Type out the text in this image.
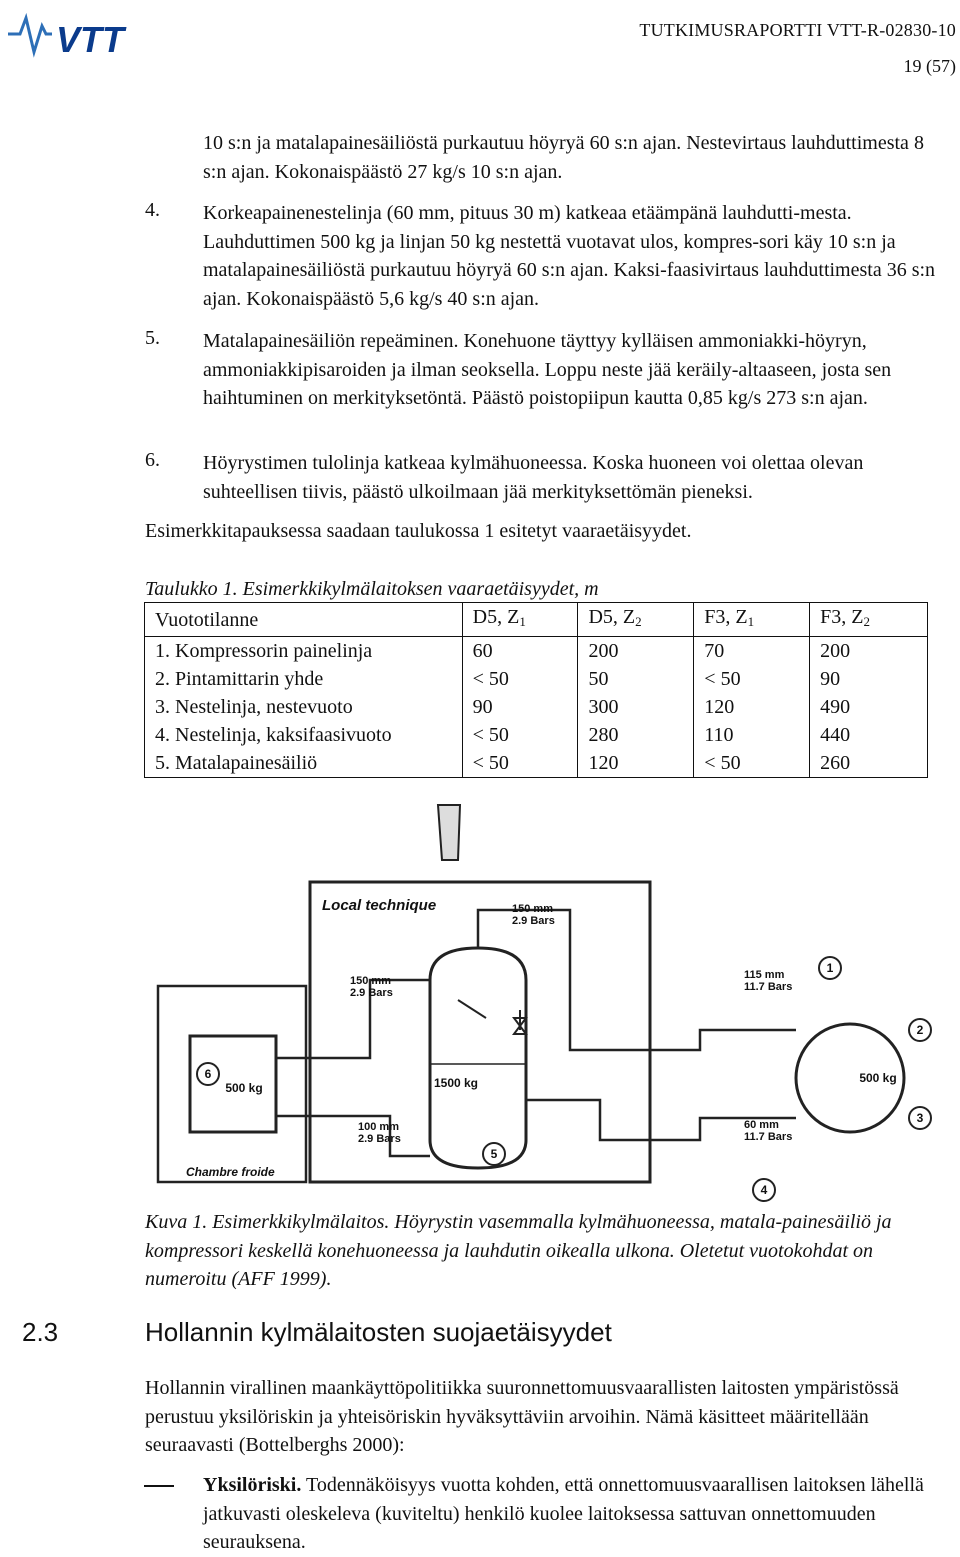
VTT	TUTKIMUSRAPORTTI VTT-R-02830-10
19 (57)
10 s:n ja matalapainesäiliöstä purkautuu höyryä 60 s:n ajan. Nestevirtaus lauhduttimesta 8 s:n ajan. Kokonaispäästö 27 kg/s 10 s:n ajan.
4. Korkeapainenestelinja (60 mm, pituus 30 m) katkeaa etäämpänä lauhdutti-mesta. Lauhduttimen 500 kg ja linjan 50 kg nestettä vuotavat ulos, kompres-sori käy 10 s:n ja matalapainesäiliöstä purkautuu höyryä 60 s:n ajan. Kaksi-faasivirtaus lauhduttimesta 36 s:n ajan. Kokonaispäästö 5,6 kg/s 40 s:n ajan.
5. Matalapainesäiliön repeäminen. Konehuone täyttyy kylläisen ammoniakki-höyryn, ammoniakkipisaroiden ja ilman seoksella. Loppu neste jää keräily-altaaseen, josta sen haihtuminen on merkityksetöntä. Päästö poistopiipun kautta 0,85 kg/s 273 s:n ajan.
6. Höyrystimen tulolinja katkeaa kylmähuoneessa. Koska huoneen voi olettaa olevan suhteellisen tiivis, päästö ulkoilmaan jää merkityksettömän pieneksi.
Esimerkkitapauksessa saadaan taulukossa 1 esitetyt vaaraetäisyydet.
Taulukko 1. Esimerkkikylmälaitoksen vaaraetäisyydet, m
Vuototilanne	D5, $Z_1$	D5, $Z_2$	F3, $Z_1$	F3, $Z_2$
1. Kompressorin painelinja	60	200	70	200
2. Pintamittarin yhde	< 50	50	< 50	90
3. Nestelinja, nestevuoto	90	300	120	490
4. Nestelinja, kaksifaasivuoto	< 50	280	110	440
5. Matalapainesäiliö	< 50	120	< 50	260
1
2
3
4
5
6
Local technique	150 mm
2.9 Bars
150 mm
2.9 Bars
115 mm
11.7 Bars
100 mm
2.9 Bars
60 mm
11.7 Bars
500 kg	1500 kg	500 kg
Chambre froide
Kuva 1. Esimerkkikylmälaitos. Höyrystin vasemmalla kylmähuoneessa, matala-painesäiliö ja kompressori keskellä konehuoneessa ja lauhdutin oikealla ulkona. Oletetut vuotokohdat on numeroitu (AFF 1999).
2.3	Hollannin kylmälaitosten suojaetäisyydet
Hollannin virallinen maankäyttöpolitiikka suuronnettomuusvaarallisten laitosten ympäristössä perustuu yksilöriskin ja yhteisöriskin hyväksyttäviin arvoihin. Nämä käsitteet määritellään seuraavasti (Bottelberghs 2000):
Yksilöriski. Todennäköisyys vuotta kohden, että onnettomuusvaarallisen laitoksen lähellä jatkuvasti oleskeleva (kuviteltu) henkilö kuolee laitoksessa sattuvan onnettomuuden seurauksena.
